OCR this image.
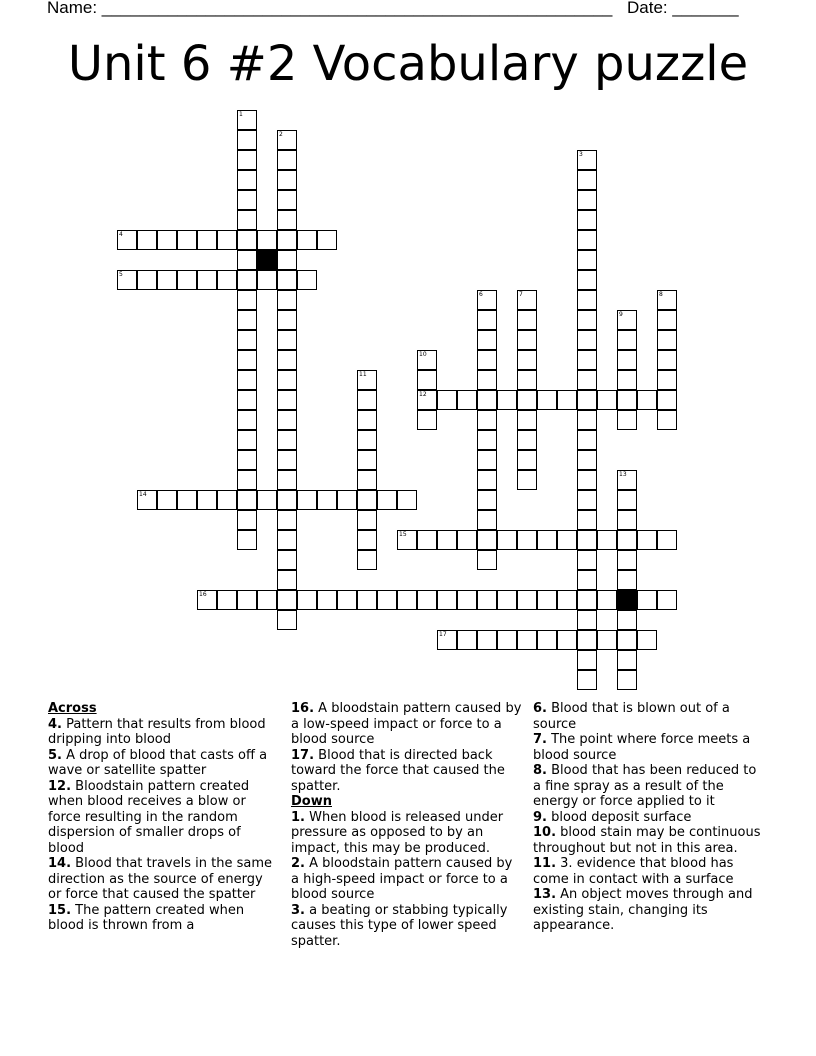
Name: ______________________________________________________ Date: _______
Unit 6 #2 Vocabulary puzzle
1
2
3
4
5
6	7	8
9
10
12
11
13
14
15
16
17
Across
4. Pattern that results from blood dripping into blood
5. A drop of blood that casts off a wave or satellite spatter
12. Bloodstain pattern created when blood receives a blow or force resulting in the random dispersion of smaller drops of blood
14. Blood that travels in the same direction as the source of energy or force that caused the spatter
15. The pattern created when blood is thrown from a
16. A bloodstain pattern caused by a low-speed impact or force to a blood source
17. Blood that is directed back toward the force that caused the spatter.
Down
1. When blood is released under pressure as opposed to by an impact, this may be produced.
2. A bloodstain pattern caused by a high-speed impact or force to a blood source
3. a beating or stabbing typically causes this type of lower speed spatter.
6. Blood that is blown out of a source
7. The point where force meets a blood source
8. Blood that has been reduced to a fine spray as a result of the energy or force applied to it
9. blood deposit surface
10. blood stain may be continuous throughout but not in this area.
11. 3. evidence that blood has come in contact with a surface
13. An object moves through and existing stain, changing its appearance.
